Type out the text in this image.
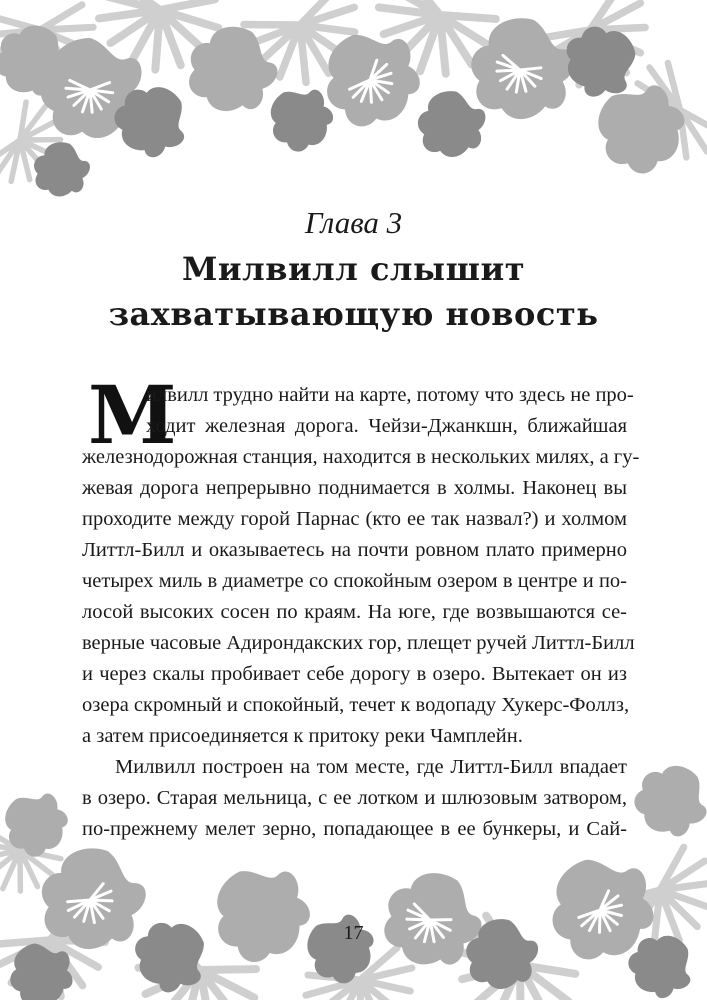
Глава 3
Милвилл слышит
захватывающую новость
М
илвилл трудно найти на карте, потому что здесь не про-
ходит железная дорога. Чейзи-Джанкшн, ближайшая
железнодорожная станция, находится в нескольких милях, а гу-
жевая дорога непрерывно поднимается в холмы. Наконец вы
проходите между горой Парнас (кто ее так назвал?) и холмом
Литтл-Билл и оказываетесь на почти ровном плато примерно
четырех миль в диаметре со спокойным озером в центре и по-
лосой высоких сосен по краям. На юге, где возвышаются се-
верные часовые Адирондакских гор, плещет ручей Литтл-Билл
и через скалы пробивает себе дорогу в озеро. Вытекает он из
озера скромный и спокойный, течет к водопаду Хукерс-Фоллз,
а затем присоединяется к притоку реки Чамплейн.
Милвилл построен на том месте, где Литтл-Билл впадает
в озеро. Старая мельница, с ее лотком и шлюзовым затвором,
по-прежнему мелет зерно, попадающее в ее бункеры, и Сай-
17
